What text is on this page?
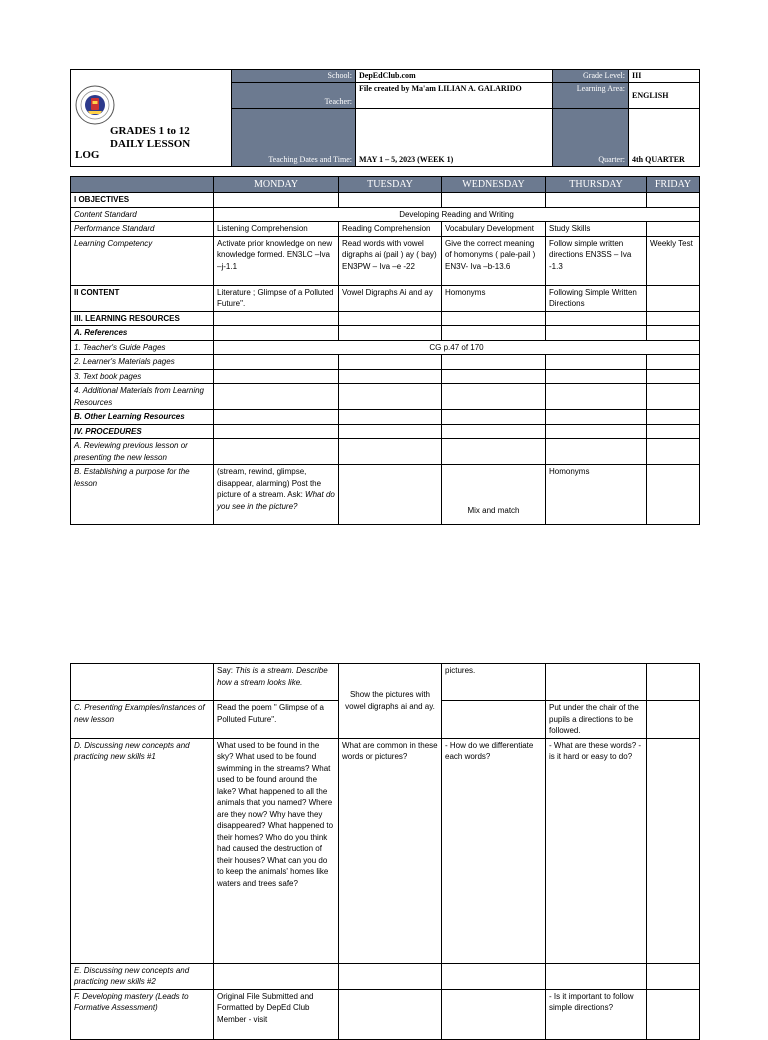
GRADES 1 to 12
DAILY LESSON
LOG	School:	DepEdClub.com	Grade Level:	III
	Teacher:	File created by Ma'am LILIAN A. GALARIDO	Learning Area:	ENGLISH

	Teaching Dates and Time:	MAY 1 – 5, 2023 (WEEK 1)	Quarter:	4th QUARTER
	MONDAY	TUESDAY	WEDNESDAY	THURSDAY	FRIDAY
I OBJECTIVES					
Content Standard	Developing Reading and Writing				
Performance Standard	Listening Comprehension	Reading Comprehension	Vocabulary Development	Study Skills	
Learning Competency	Activate prior knowledge on new knowledge formed. EN3LC –Iva –j-1.1	Read words with vowel digraphs ai (pail ) ay ( bay) EN3PW – Iva –e -22	Give the correct meaning of homonyms ( pale-pail ) EN3V- Iva –b-13.6	Follow simple written directions EN3SS – Iva -1.3	Weekly Test
II CONTENT	Literature ; Glimpse of a Polluted Future".	Vowel Digraphs Ai and ay	Homonyms	Following Simple Written Directions	
III. LEARNING RESOURCES					
A. References					
1. Teacher's Guide Pages	CG p.47 of 170				
2. Learner's Materials pages					
3. Text book pages					
4. Additional Materials from Learning Resources					
B. Other Learning Resources					
IV. PROCEDURES					
A. Reviewing previous lesson or presenting the new lesson					
B. Establishing a purpose for the lesson	(stream, rewind, glimpse, disappear, alarming) Post the picture of a stream. Ask: What do you see in the picture?		Mix and match	Homonyms	
	Say: This is a stream. Describe how a stream looks like.	Show the pictures with vowel digraphs ai and ay.	pictures.		
C. Presenting Examples/instances of new lesson	Read the poem " Glimpse of a Polluted Future".			Put under the chair of the pupils a directions to be followed.	
D. Discussing new concepts and practicing new skills #1	What used to be found in the sky? What used to be found swimming in the streams? What used to be found around the lake? What happened to all the animals that you named? Where are they now? Why have they disappeared? What happened to their homes? Who do you think had caused the destruction of their houses? What can you do to keep the animals' homes like waters and trees safe?	What are common in these words or pictures?	- How do we differentiate each words?	- What are these words? - is it hard or easy to do?	
E. Discussing new concepts and practicing new skills #2					
F. Developing mastery (Leads to Formative Assessment)	Original File Submitted and Formatted by DepEd Club Member - visit			- Is it important to follow simple directions?	
